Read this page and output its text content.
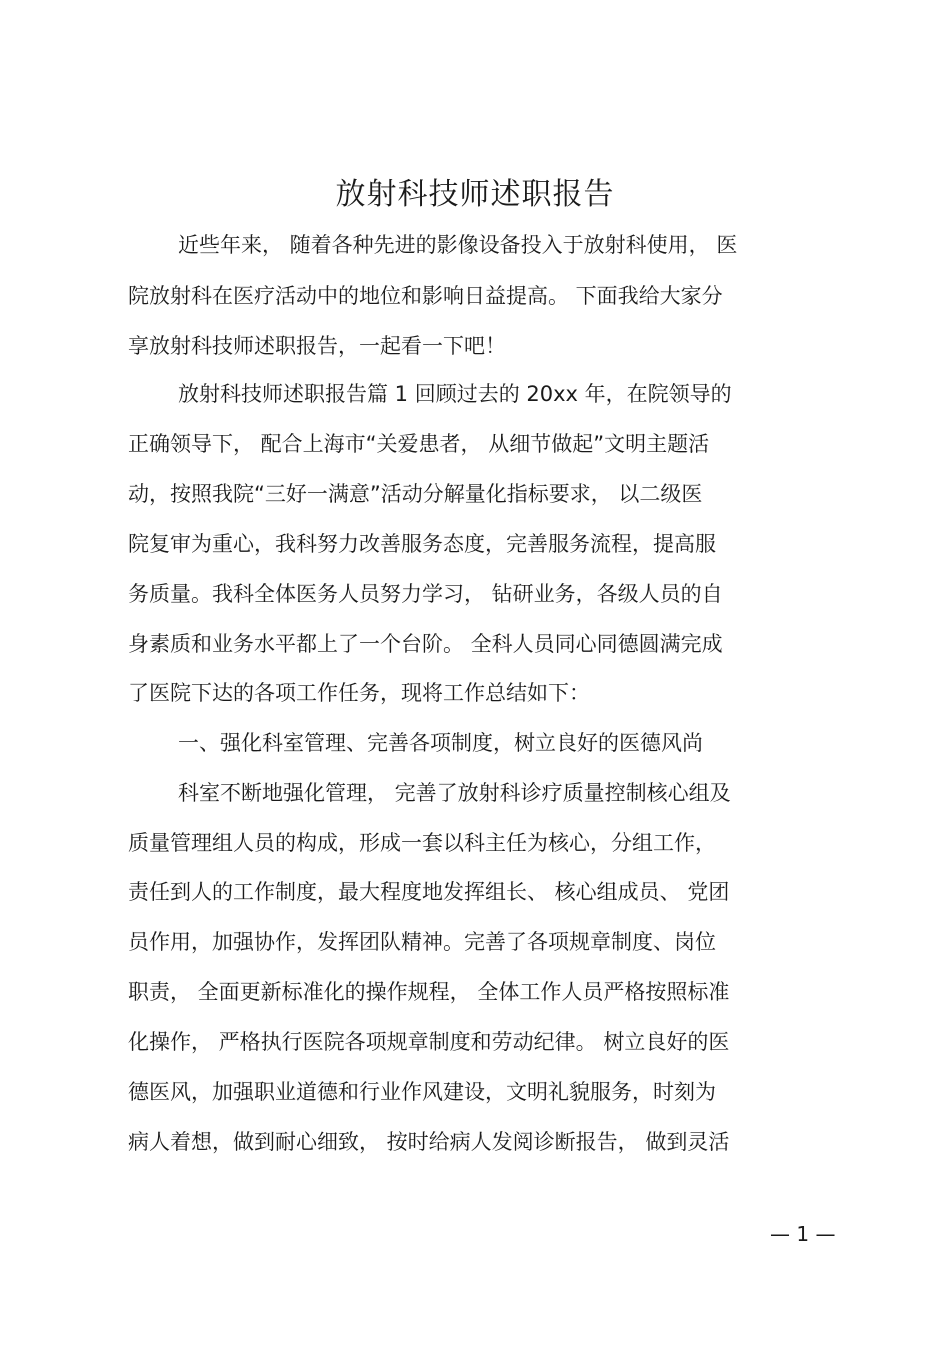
放射科技师述职报告
近些年来， 随着各种先进的影像设备投入于放射科使用， 医
院放射科在医疗活动中的地位和影响日益提高。 下面我给大家分
享放射科技师述职报告，一起看一下吧！
放射科技师述职报告篇 1 回顾过去的 20xx 年，在院领导的
正确领导下， 配合上海市“关爱患者， 从细节做起”文明主题活
动，按照我院“三好一满意”活动分解量化指标要求， 以二级医
院复审为重心，我科努力改善服务态度，完善服务流程，提高服
务质量。我科全体医务人员努力学习， 钻研业务，各级人员的自
身素质和业务水平都上了一个台阶。 全科人员同心同德圆满完成
了医院下达的各项工作任务，现将工作总结如下：
一、强化科室管理、完善各项制度，树立良好的医德风尚
科室不断地强化管理， 完善了放射科诊疗质量控制核心组及
质量管理组人员的构成，形成一套以科主任为核心，分组工作，
责任到人的工作制度，最大程度地发挥组长、 核心组成员、 党团
员作用，加强协作，发挥团队精神。完善了各项规章制度、岗位
职责， 全面更新标准化的操作规程， 全体工作人员严格按照标准
化操作， 严格执行医院各项规章制度和劳动纪律。 树立良好的医
德医风，加强职业道德和行业作风建设，文明礼貌服务，时刻为
病人着想，做到耐心细致， 按时给病人发阅诊断报告， 做到灵活
— 1 —
